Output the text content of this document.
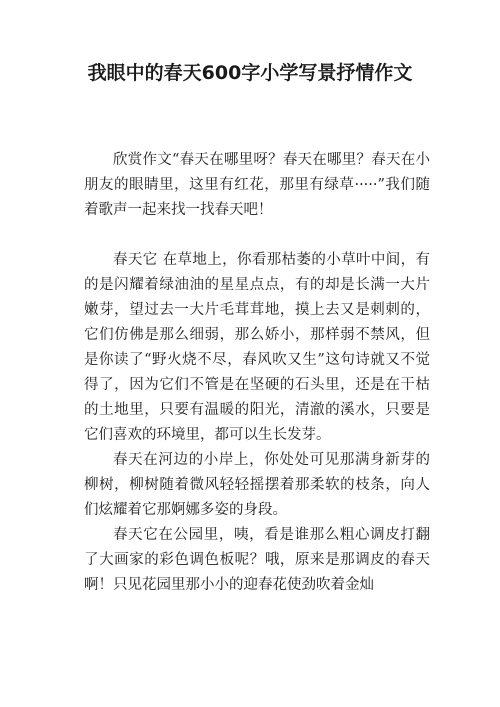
我眼中的春天600字小学写景抒情作文

欣赏作文“春天在哪里呀？春天在哪里？春天在小朋友的眼睛里，这里有红花，那里有绿草·····”我们随着歌声一起来找一找春天吧！

春天它 在草地上，你看那枯萎的小草叶中间，有的是闪耀着绿油油的星星点点，有的却是长满一大片嫩芽，望过去一大片毛茸茸地，摸上去又是刺刺的，它们仿佛是那么细弱，那么娇小，那样弱不禁风，但是你读了“野火烧不尽，春风吹又生”这句诗就又不觉得了，因为它们不管是在坚硬的石头里，还是在干枯的土地里，只要有温暖的阳光，清澈的溪水，只要是它们喜欢的环境里，都可以生长发芽。

春天在河边的小岸上，你处处可见那满身新芽的柳树，柳树随着微风轻轻摇摆着那柔软的枝条，向人们炫耀着它那婀娜多姿的身段。

春天它在公园里，咦，看是谁那么粗心调皮打翻了大画家的彩色调色板呢？哦，原来是那调皮的春天啊！只见花园里那小小的迎春花使劲吹着金灿
